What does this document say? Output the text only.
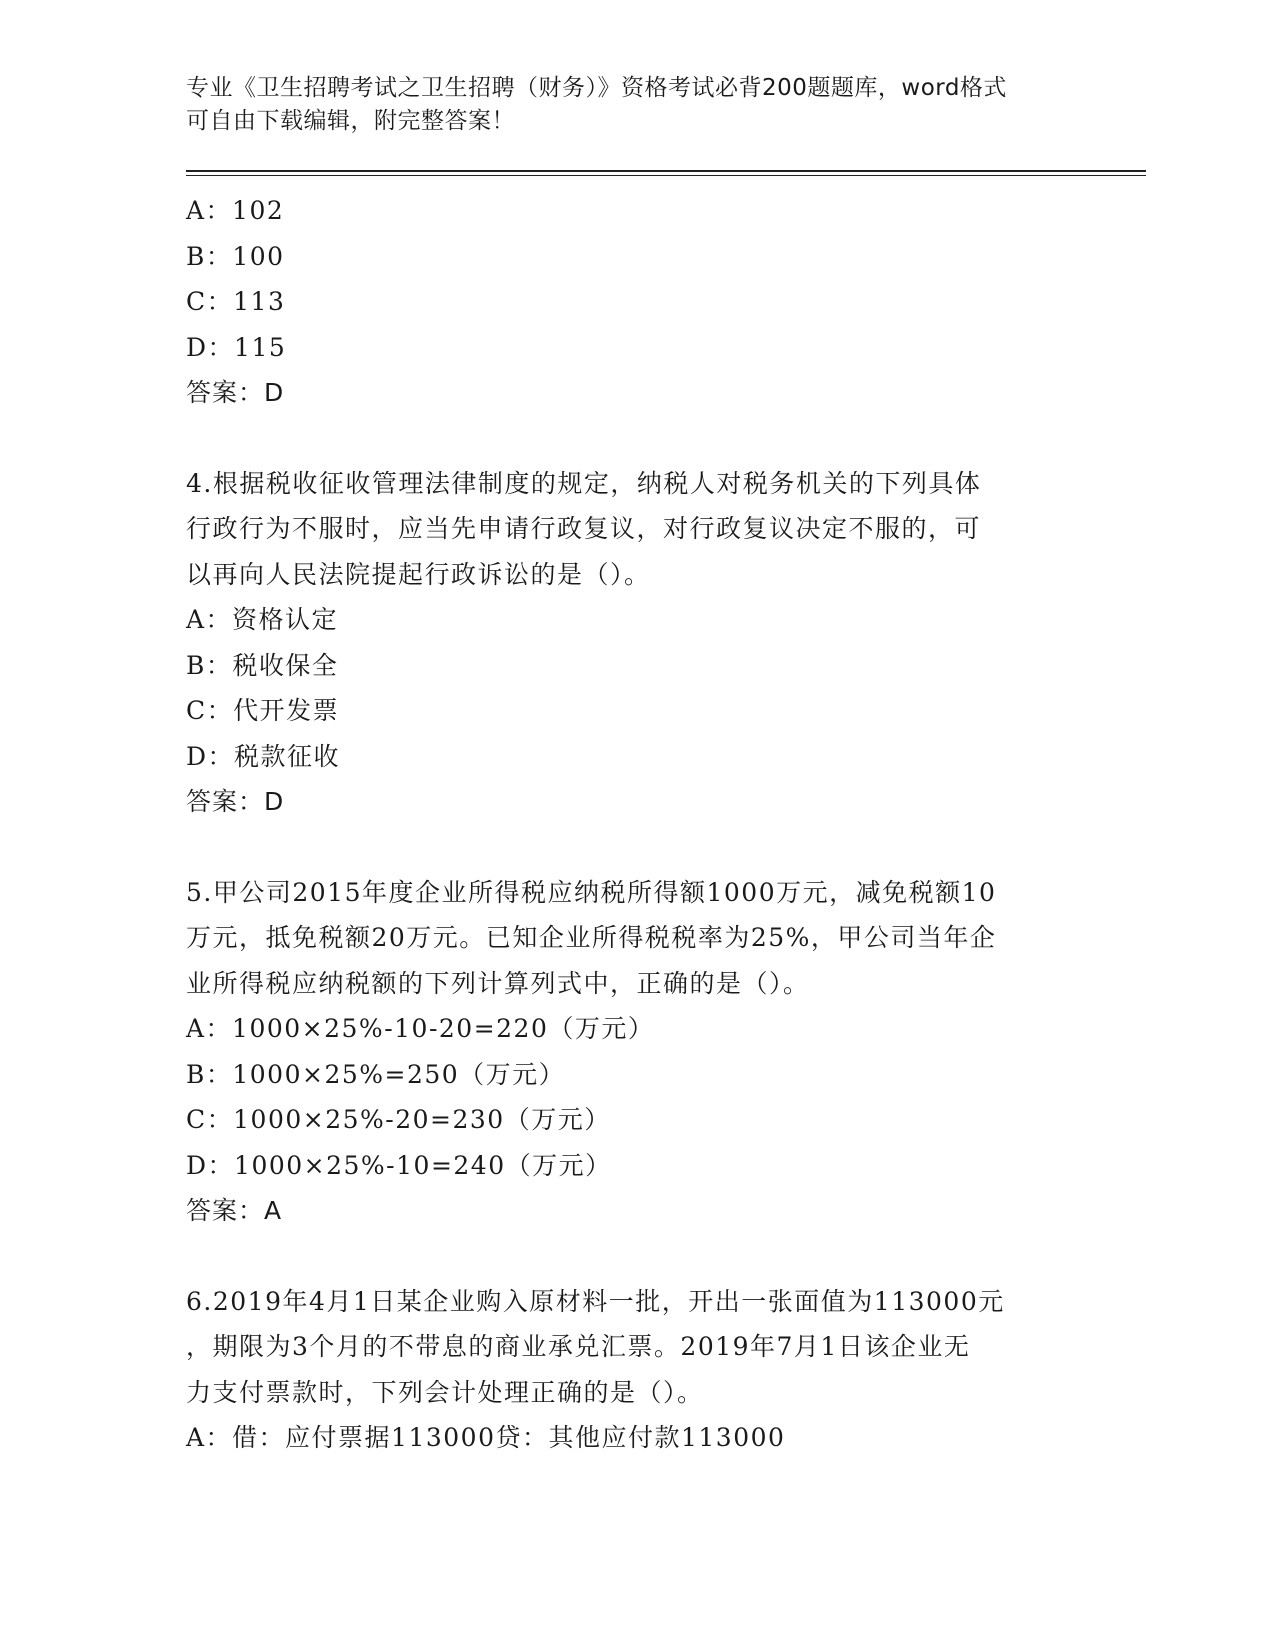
专业《卫生招聘考试之卫生招聘（财务）》资格考试必背200题题库，word格式
可自由下载编辑，附完整答案！
A：102
B：100
C：113
D：115
答案：D
4.根据税收征收管理法律制度的规定，纳税人对税务机关的下列具体
行政行为不服时，应当先申请行政复议，对行政复议决定不服的，可
以再向人民法院提起行政诉讼的是（）。
A：资格认定
B：税收保全
C：代开发票
D：税款征收
答案：D
5.甲公司2015年度企业所得税应纳税所得额1000万元，减免税额10
万元，抵免税额20万元。已知企业所得税税率为25%，甲公司当年企
业所得税应纳税额的下列计算列式中，正确的是（）。
A：1000×25%-10-20=220（万元）
B：1000×25%=250（万元）
C：1000×25%-20=230（万元）
D：1000×25%-10=240（万元）
答案：A
6.2019年4月1日某企业购入原材料一批，开出一张面值为113000元
，期限为3个月的不带息的商业承兑汇票。2019年7月1日该企业无
力支付票款时，下列会计处理正确的是（）。
A：借：应付票据113000贷：其他应付款113000
